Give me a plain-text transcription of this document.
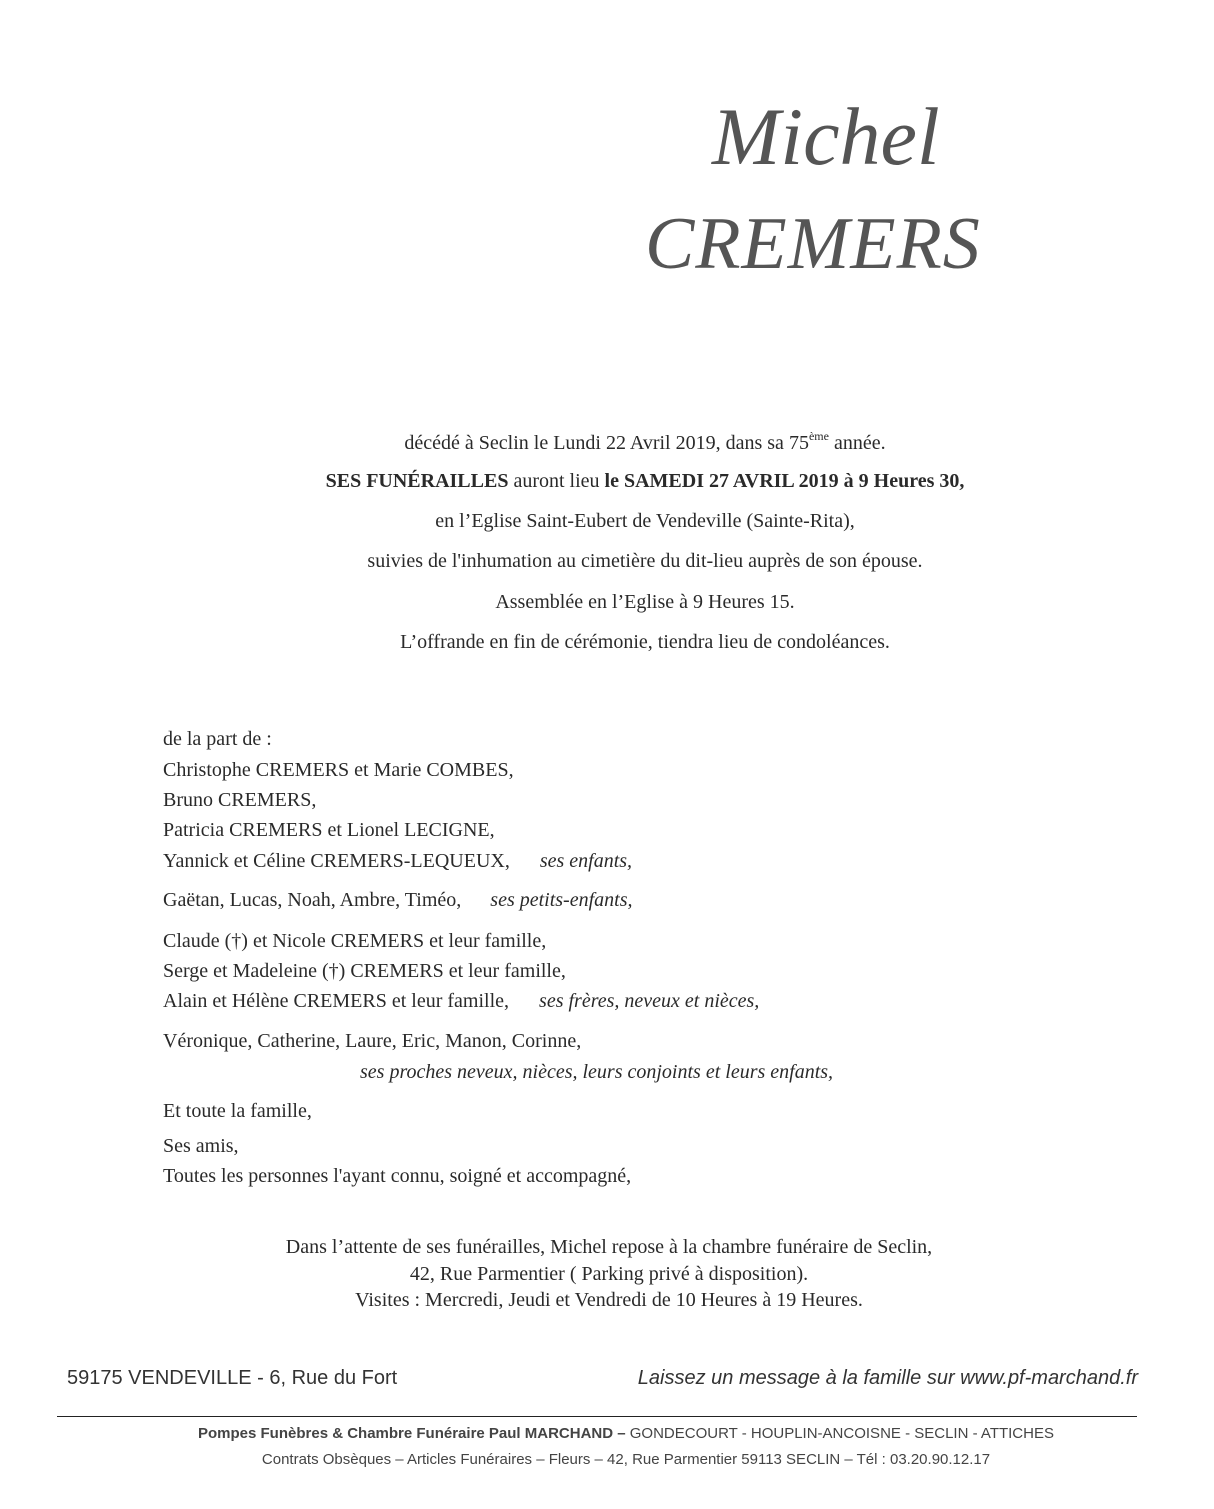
Michel
CREMERS
décédé à Seclin le Lundi 22 Avril 2019, dans sa 75ème année.
SES FUNÉRAILLES auront lieu le SAMEDI 27 AVRIL 2019 à 9 Heures 30,
en l’Eglise Saint-Eubert de Vendeville (Sainte-Rita),
suivies de l'inhumation au cimetière du dit-lieu auprès de son épouse.
Assemblée en l’Eglise à 9 Heures 15.
L’offrande en fin de cérémonie, tiendra lieu de condoléances.
de la part de :
Christophe CREMERS et Marie COMBES,
Bruno CREMERS,
Patricia CREMERS et Lionel LECIGNE,
Yannick et Céline CREMERS-LEQUEUX, ses enfants,
Gaëtan, Lucas, Noah, Ambre, Timéo, ses petits-enfants,
Claude (†) et Nicole CREMERS et leur famille,
Serge et Madeleine (†) CREMERS et leur famille,
Alain et Hélène CREMERS et leur famille, ses frères, neveux et nièces,
Véronique, Catherine, Laure, Eric, Manon, Corinne,
ses proches neveux, nièces, leurs conjoints et leurs enfants,
Et toute la famille,
Ses amis,
Toutes les personnes l'ayant connu, soigné et accompagné,
Dans l’attente de ses funérailles, Michel repose à la chambre funéraire de Seclin,
42, Rue Parmentier ( Parking privé à disposition).
Visites : Mercredi, Jeudi et Vendredi de 10 Heures à 19 Heures.
59175 VENDEVILLE - 6, Rue du Fort	Laissez un message à la famille sur www.pf-marchand.fr
Pompes Funèbres & Chambre Funéraire Paul MARCHAND – GONDECOURT - HOUPLIN-ANCOISNE - SECLIN - ATTICHES
Contrats Obsèques – Articles Funéraires – Fleurs – 42, Rue Parmentier 59113 SECLIN – Tél : 03.20.90.12.17
